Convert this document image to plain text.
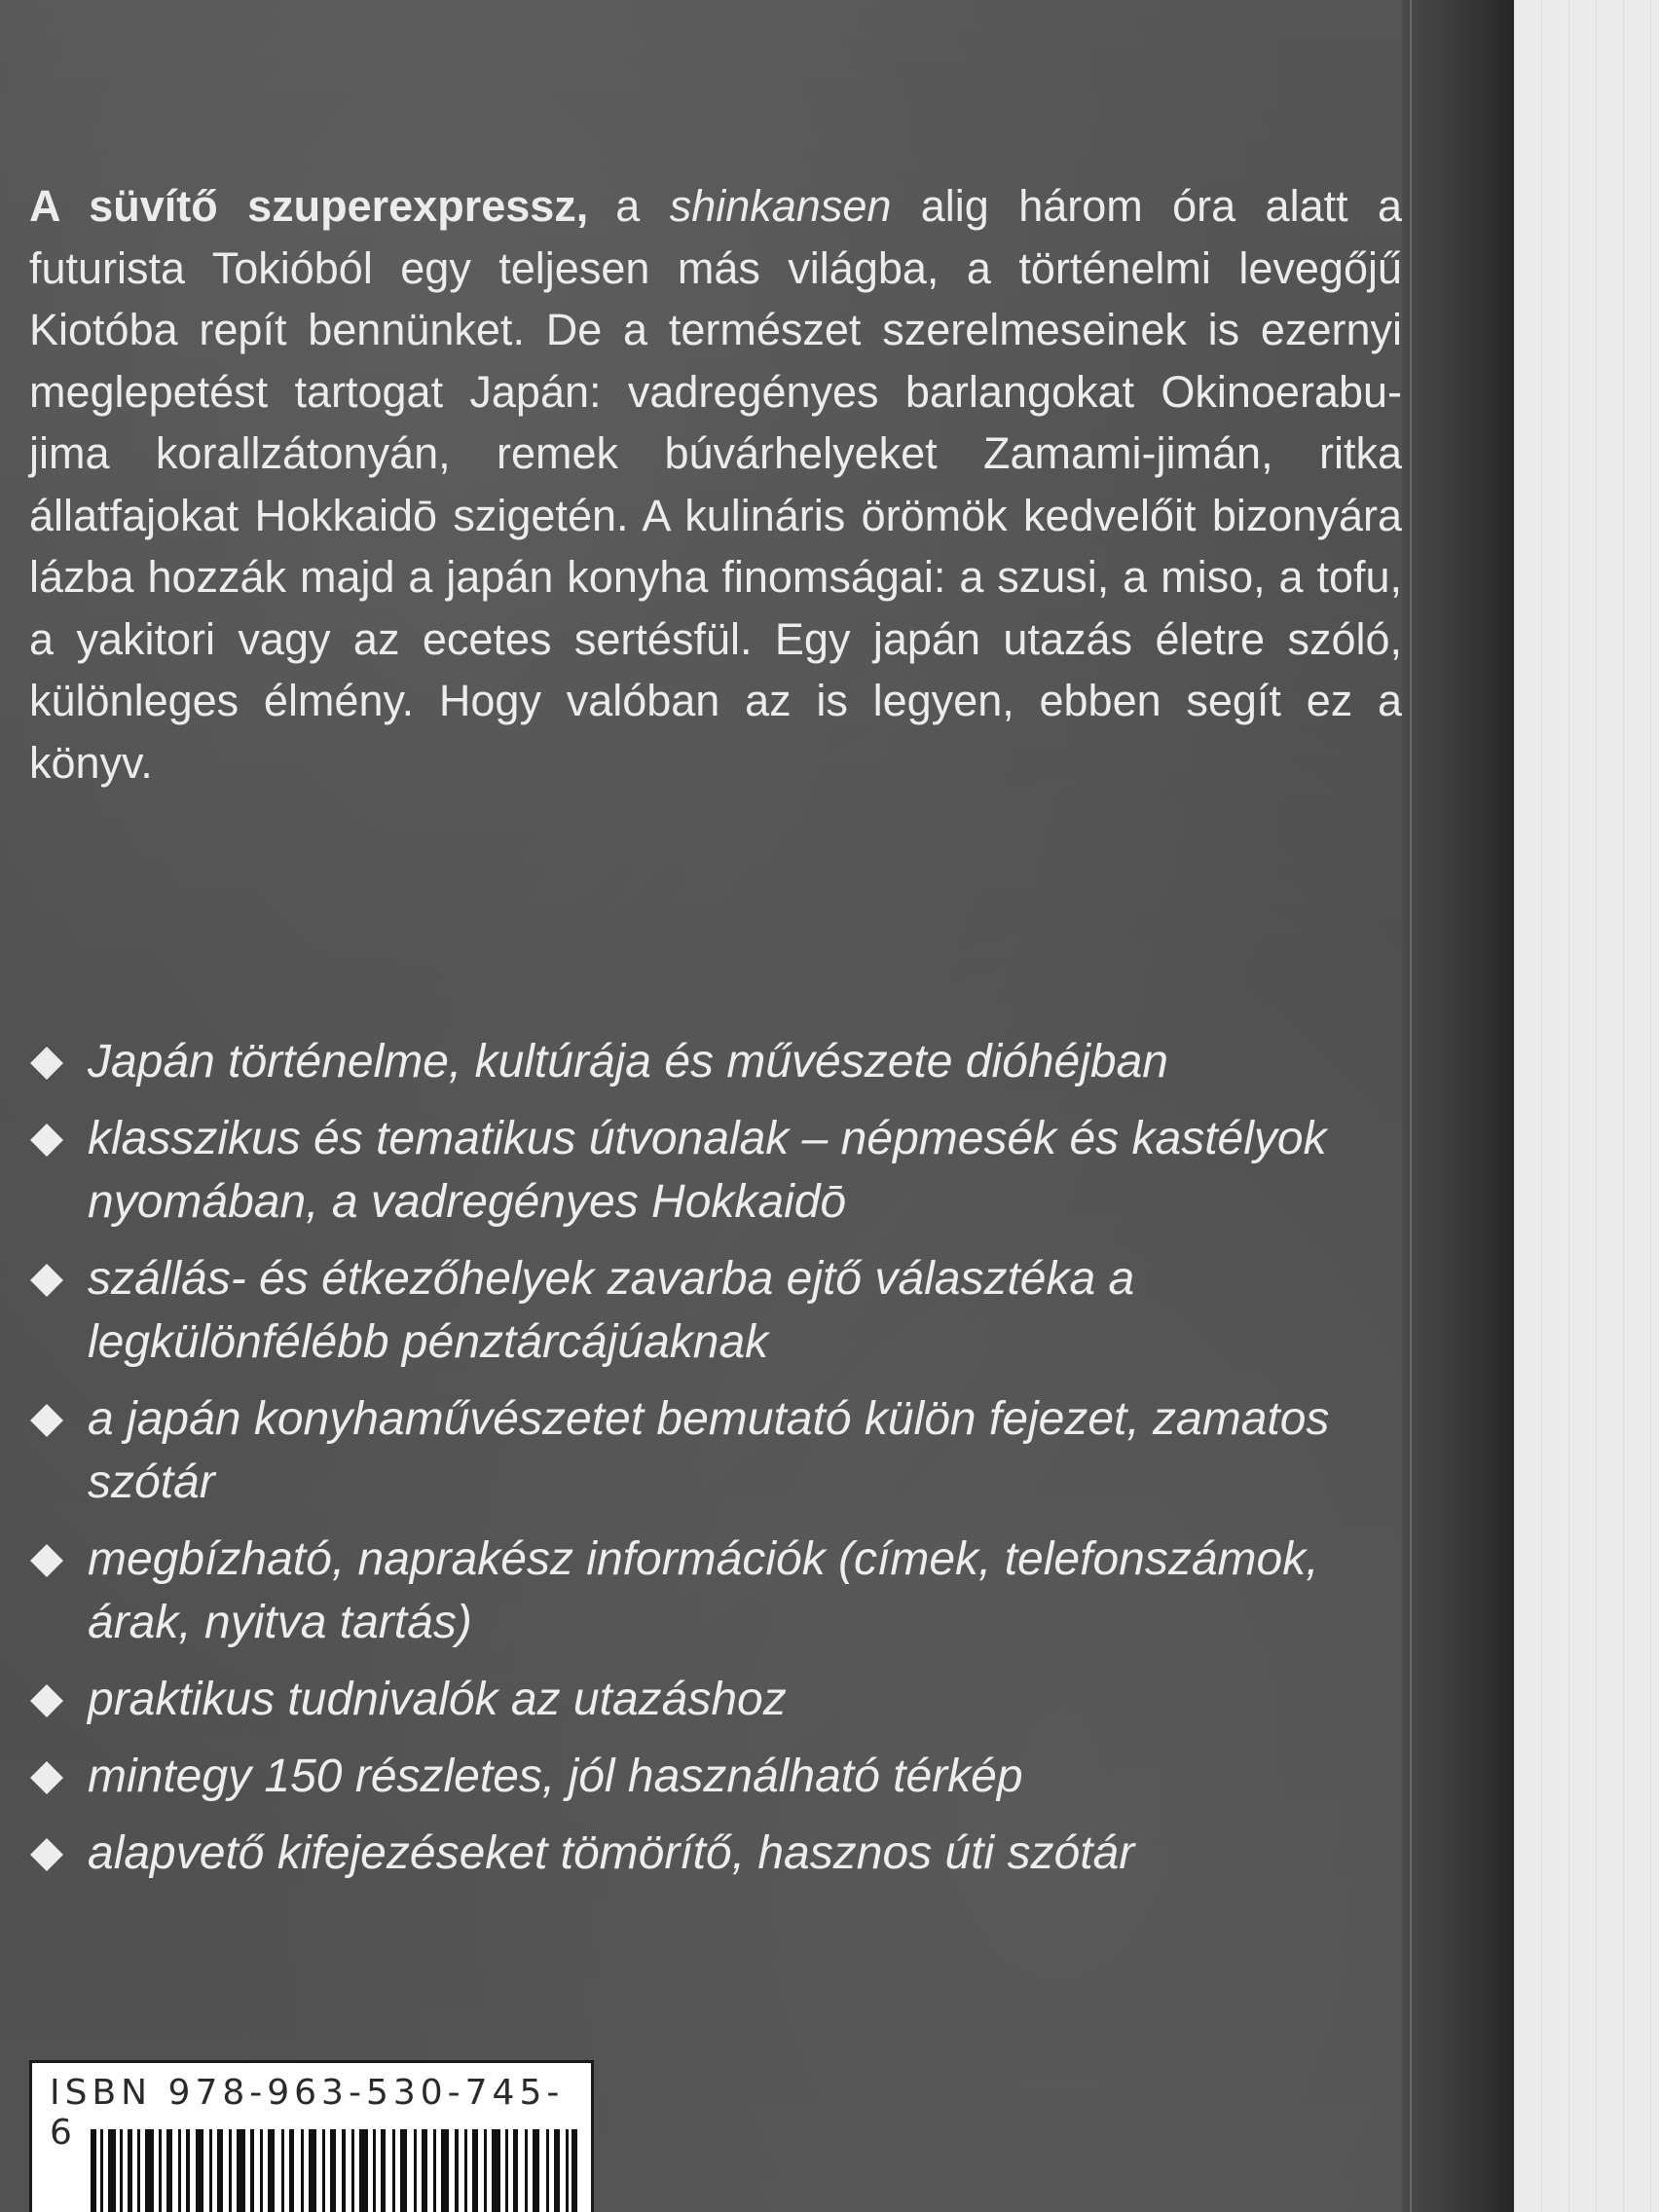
A süvítő szuperexpressz, a shinkansen alig három óra alatt a futurista Tokióból egy teljesen más világba, a történelmi levegőjű Kiotóba repít bennünket. De a természet szerelmeseinek is ezernyi meglepetést tartogat Japán: vadregényes barlangokat Okinoerabu-jima korallzátonyán, remek búvárhelyeket Zamami-jimán, ritka állatfajokat Hokkaidō szigetén. A kulináris örömök kedvelőit bizonyára lázba hozzák majd a japán konyha finomságai: a szusi, a miso, a tofu, a yakitori vagy az ecetes sertésfül. Egy japán utazás életre szóló, különleges élmény. Hogy valóban az is legyen, ebben segít ez a könyv.

Japán történelme, kultúrája és művészete dióhéjban
klasszikus és tematikus útvonalak – népmesék és kastélyok nyomában, a vadregényes Hokkaidō
szállás- és étkezőhelyek zavarba ejtő választéka a legkülönfélébb pénztárcájúaknak
a japán konyhaművészetet bemutató külön fejezet, zamatos szótár
megbízható, naprakész információk (címek, telefonszámok, árak, nyitva tartás)
praktikus tudnivalók az utazáshoz
mintegy 150 részletes, jól használható térkép
alapvető kifejezéseket tömörítő, hasznos úti szótár
ISBN 978-963-530-745-6
